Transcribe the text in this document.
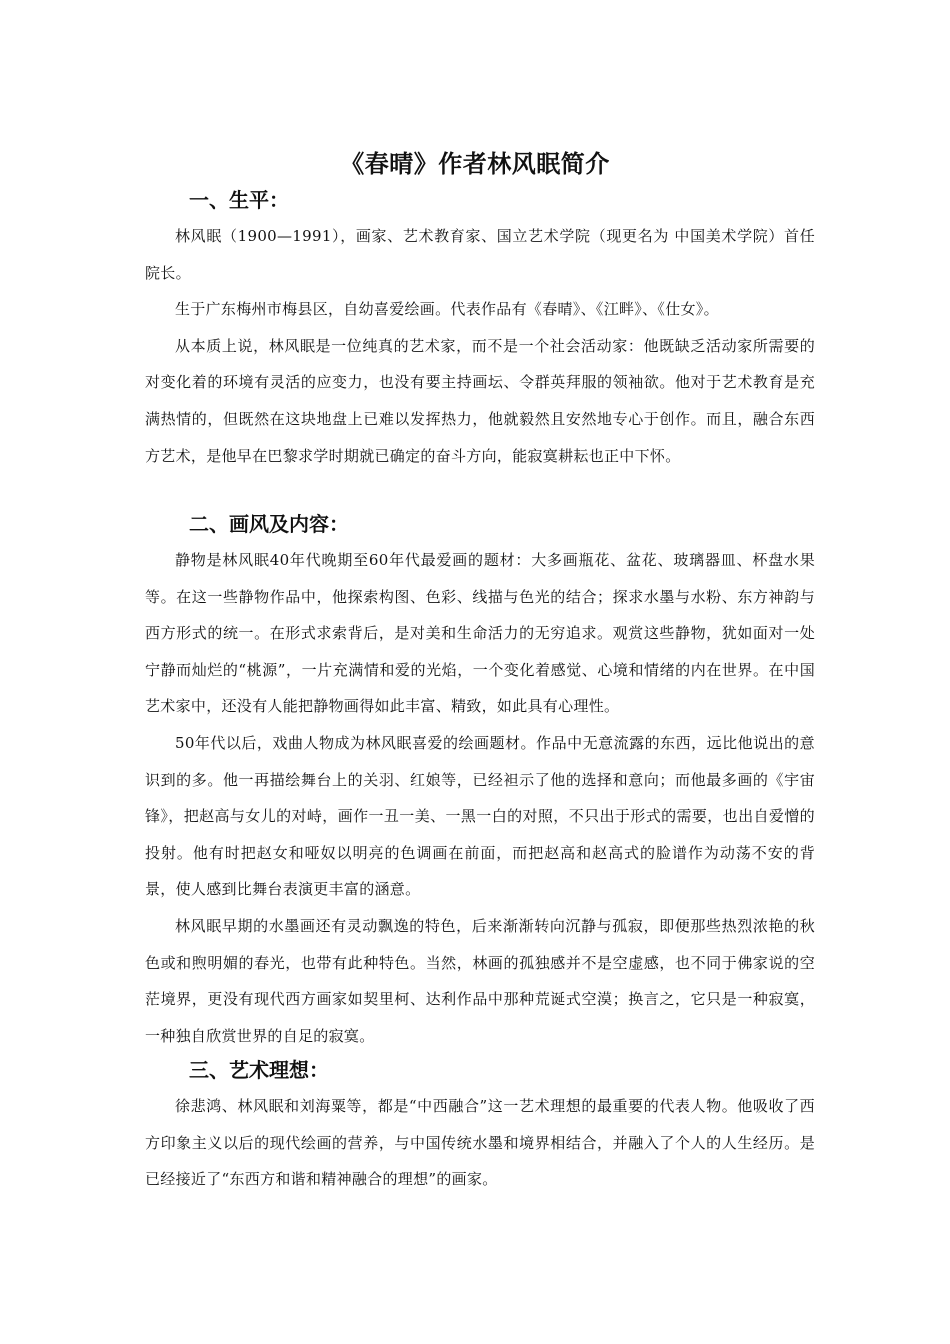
《春晴》作者林风眠简介
一、生平：

林风眠（1900—1991），画家、艺术教育家、国立艺术学院（现更名为 中国美术学院）首任院长。

生于广东梅州市梅县区，自幼喜爱绘画。代表作品有《春晴》、《江畔》、《仕女》。

从本质上说，林风眠是一位纯真的艺术家，而不是一个社会活动家：他既缺乏活动家所需要的对变化着的环境有灵活的应变力，也没有要主持画坛、令群英拜服的领袖欲。他对于艺术教育是充满热情的，但既然在这块地盘上已难以发挥热力，他就毅然且安然地专心于创作。而且，融合东西方艺术，是他早在巴黎求学时期就已确定的奋斗方向，能寂寞耕耘也正中下怀。

二、画风及内容：

静物是林风眠40年代晚期至60年代最爱画的题材：大多画瓶花、盆花、玻璃器皿、杯盘水果等。在这一些静物作品中，他探索构图、色彩、线描与色光的结合；探求水墨与水粉、东方神韵与西方形式的统一。在形式求索背后，是对美和生命活力的无穷追求。观赏这些静物，犹如面对一处宁静而灿烂的“桃源”，一片充满情和爱的光焰，一个变化着感觉、心境和情绪的内在世界。在中国艺术家中，还没有人能把静物画得如此丰富、精致，如此具有心理性。

50年代以后，戏曲人物成为林风眠喜爱的绘画题材。作品中无意流露的东西，远比他说出的意识到的多。他一再描绘舞台上的关羽、红娘等，已经袒示了他的选择和意向；而他最多画的《宇宙锋》，把赵高与女儿的对峙，画作一丑一美、一黑一白的对照，不只出于形式的需要，也出自爱憎的投射。他有时把赵女和哑奴以明亮的色调画在前面，而把赵高和赵高式的脸谱作为动荡不安的背景，使人感到比舞台表演更丰富的涵意。

林风眠早期的水墨画还有灵动飘逸的特色，后来渐渐转向沉静与孤寂，即便那些热烈浓艳的秋色或和煦明媚的春光，也带有此种特色。当然，林画的孤独感并不是空虚感，也不同于佛家说的空茫境界，更没有现代西方画家如契里柯、达利作品中那种荒诞式空漠；换言之，它只是一种寂寞，一种独自欣赏世界的自足的寂寞。

三、艺术理想：

徐悲鸿、林风眠和刘海粟等，都是“中西融合”这一艺术理想的最重要的代表人物。他吸收了西方印象主义以后的现代绘画的营养，与中国传统水墨和境界相结合，并融入了个人的人生经历。是已经接近了“东西方和谐和精神融合的理想”的画家。
